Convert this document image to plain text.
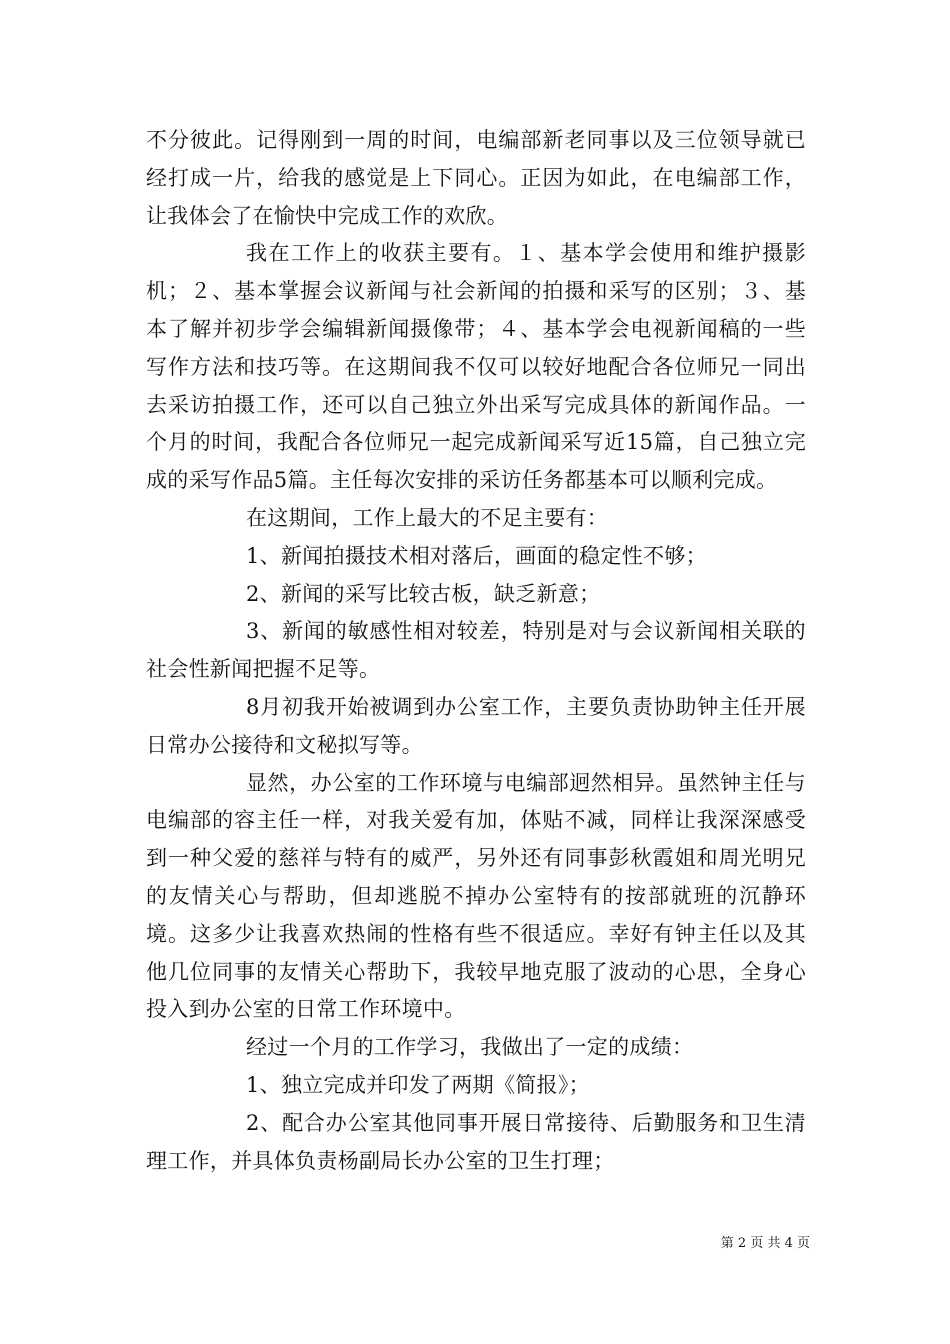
不分彼此。记得刚到一周的时间，电编部新老同事以及三位领导就已经打成一片，给我的感觉是上下同心。正因为如此，在电编部工作，让我体会了在愉快中完成工作的欢欣。

我在工作上的收获主要有。１、基本学会使用和维护摄影机；２、基本掌握会议新闻与社会新闻的拍摄和采写的区别；３、基本了解并初步学会编辑新闻摄像带；４、基本学会电视新闻稿的一些写作方法和技巧等。在这期间我不仅可以较好地配合各位师兄一同出去采访拍摄工作，还可以自己独立外出采写完成具体的新闻作品。一个月的时间，我配合各位师兄一起完成新闻采写近15篇，自己独立完成的采写作品5篇。主任每次安排的采访任务都基本可以顺利完成。

在这期间，工作上最大的不足主要有：

1、新闻拍摄技术相对落后，画面的稳定性不够；

2、新闻的采写比较古板，缺乏新意；

3、新闻的敏感性相对较差，特别是对与会议新闻相关联的社会性新闻把握不足等。

8月初我开始被调到办公室工作，主要负责协助钟主任开展日常办公接待和文秘拟写等。

显然，办公室的工作环境与电编部迥然相异。虽然钟主任与电编部的容主任一样，对我关爱有加，体贴不减，同样让我深深感受到一种父爱的慈祥与特有的威严，另外还有同事彭秋霞姐和周光明兄的友情关心与帮助，但却逃脱不掉办公室特有的按部就班的沉静环境。这多少让我喜欢热闹的性格有些不很适应。幸好有钟主任以及其他几位同事的友情关心帮助下，我较早地克服了波动的心思，全身心投入到办公室的日常工作环境中。

经过一个月的工作学习，我做出了一定的成绩：

1、独立完成并印发了两期《简报》；

2、配合办公室其他同事开展日常接待、后勤服务和卫生清理工作，并具体负责杨副局长办公室的卫生打理；

第 2 页 共 4 页
